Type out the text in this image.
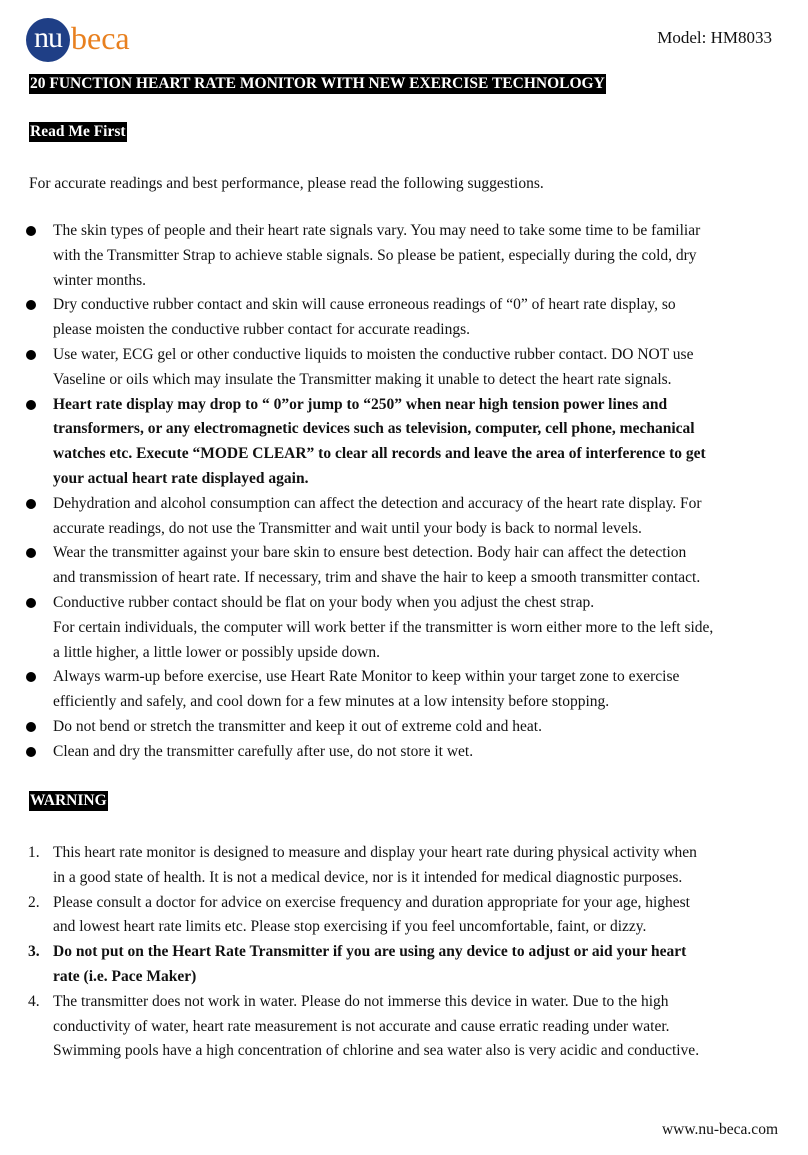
nu beca	Model: HM8033
20 FUNCTION HEART RATE MONITOR WITH NEW EXERCISE TECHNOLOGY
Read Me First
For accurate readings and best performance, please read the following suggestions.
The skin types of people and their heart rate signals vary. You may need to take some time to be familiar
with the Transmitter Strap to achieve stable signals. So please be patient, especially during the cold, dry
winter months.
Dry conductive rubber contact and skin will cause erroneous readings of “0” of heart rate display, so
please moisten the conductive rubber contact for accurate readings.
Use water, ECG gel or other conductive liquids to moisten the conductive rubber contact. DO NOT use
Vaseline or oils which may insulate the Transmitter making it unable to detect the heart rate signals.
Heart rate display may drop to “ 0”or jump to “250” when near high tension power lines and
transformers, or any electromagnetic devices such as television, computer, cell phone, mechanical
watches etc. Execute “MODE CLEAR” to clear all records and leave the area of interference to get
your actual heart rate displayed again.
Dehydration and alcohol consumption can affect the detection and accuracy of the heart rate display. For
accurate readings, do not use the Transmitter and wait until your body is back to normal levels.
Wear the transmitter against your bare skin to ensure best detection. Body hair can affect the detection
and transmission of heart rate. If necessary, trim and shave the hair to keep a smooth transmitter contact.
Conductive rubber contact should be flat on your body when you adjust the chest strap.
For certain individuals, the computer will work better if the transmitter is worn either more to the left side,
a little higher, a little lower or possibly upside down.
Always warm-up before exercise, use Heart Rate Monitor to keep within your target zone to exercise
efficiently and safely, and cool down for a few minutes at a low intensity before stopping.
Do not bend or stretch the transmitter and keep it out of extreme cold and heat.
Clean and dry the transmitter carefully after use, do not store it wet.
WARNING
1. This heart rate monitor is designed to measure and display your heart rate during physical activity when
in a good state of health. It is not a medical device, nor is it intended for medical diagnostic purposes.
2. Please consult a doctor for advice on exercise frequency and duration appropriate for your age, highest
and lowest heart rate limits etc. Please stop exercising if you feel uncomfortable, faint, or dizzy.
3. Do not put on the Heart Rate Transmitter if you are using any device to adjust or aid your heart
rate (i.e. Pace Maker)
4. The transmitter does not work in water. Please do not immerse this device in water. Due to the high
conductivity of water, heart rate measurement is not accurate and cause erratic reading under water.
Swimming pools have a high concentration of chlorine and sea water also is very acidic and conductive.
www.nu-beca.com
